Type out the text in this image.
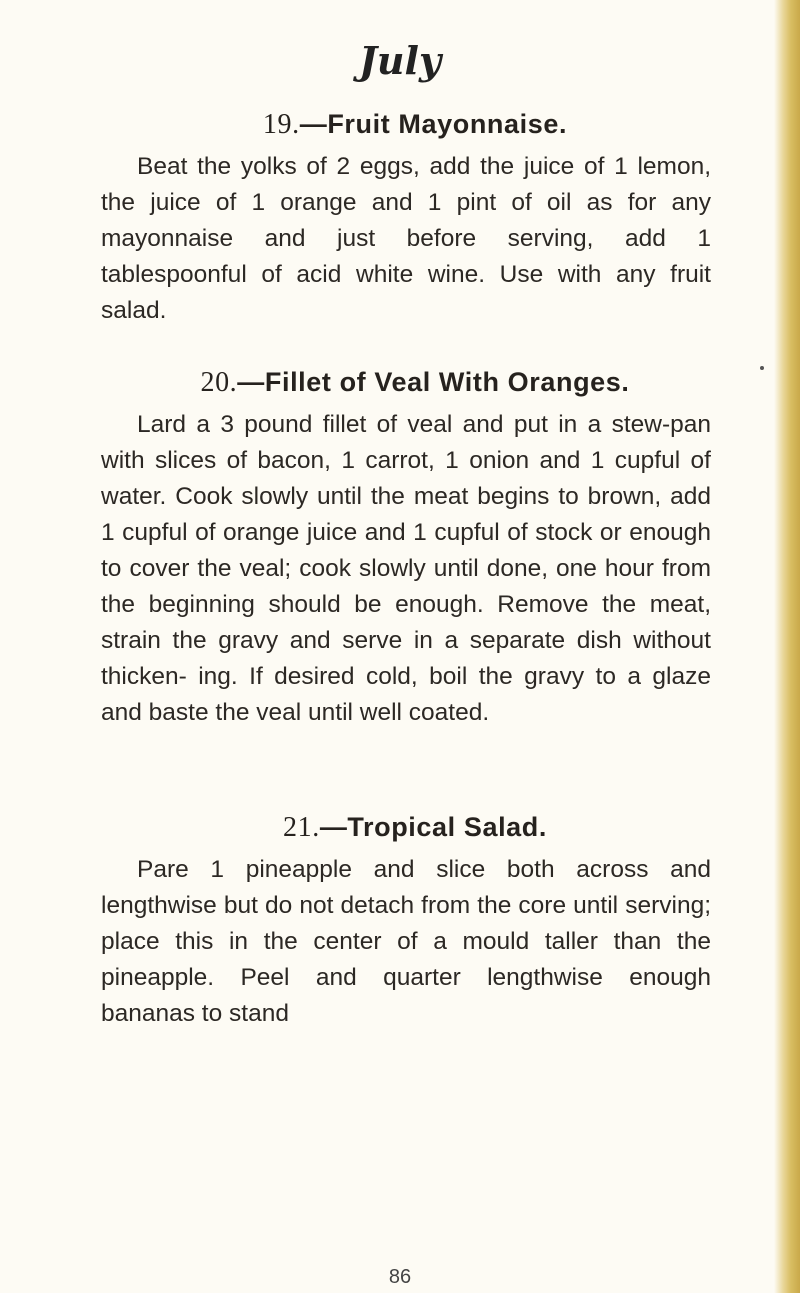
July
19.—Fruit Mayonnaise.

Beat the yolks of 2 eggs, add the juice of 1 lemon, the juice of 1 orange and 1 pint of oil as for any mayonnaise and just before serving, add 1 tablespoonful of acid white wine. Use with any fruit salad.

20.—Fillet of Veal With Oranges.

Lard a 3 pound fillet of veal and put in a stew-pan with slices of bacon, 1 carrot, 1 onion and 1 cupful of water. Cook slowly until the meat begins to brown, add 1 cupful of orange juice and 1 cupful of stock or enough to cover the veal; cook slowly until done, one hour from the beginning should be enough. Remove the meat, strain the gravy and serve in a separate dish without thicken- ing. If desired cold, boil the gravy to a glaze and baste the veal until well coated.

21.—Tropical Salad.

Pare 1 pineapple and slice both across and lengthwise but do not detach from the core until serving; place this in the center of a mould taller than the pineapple. Peel and quarter lengthwise enough bananas to stand

86
